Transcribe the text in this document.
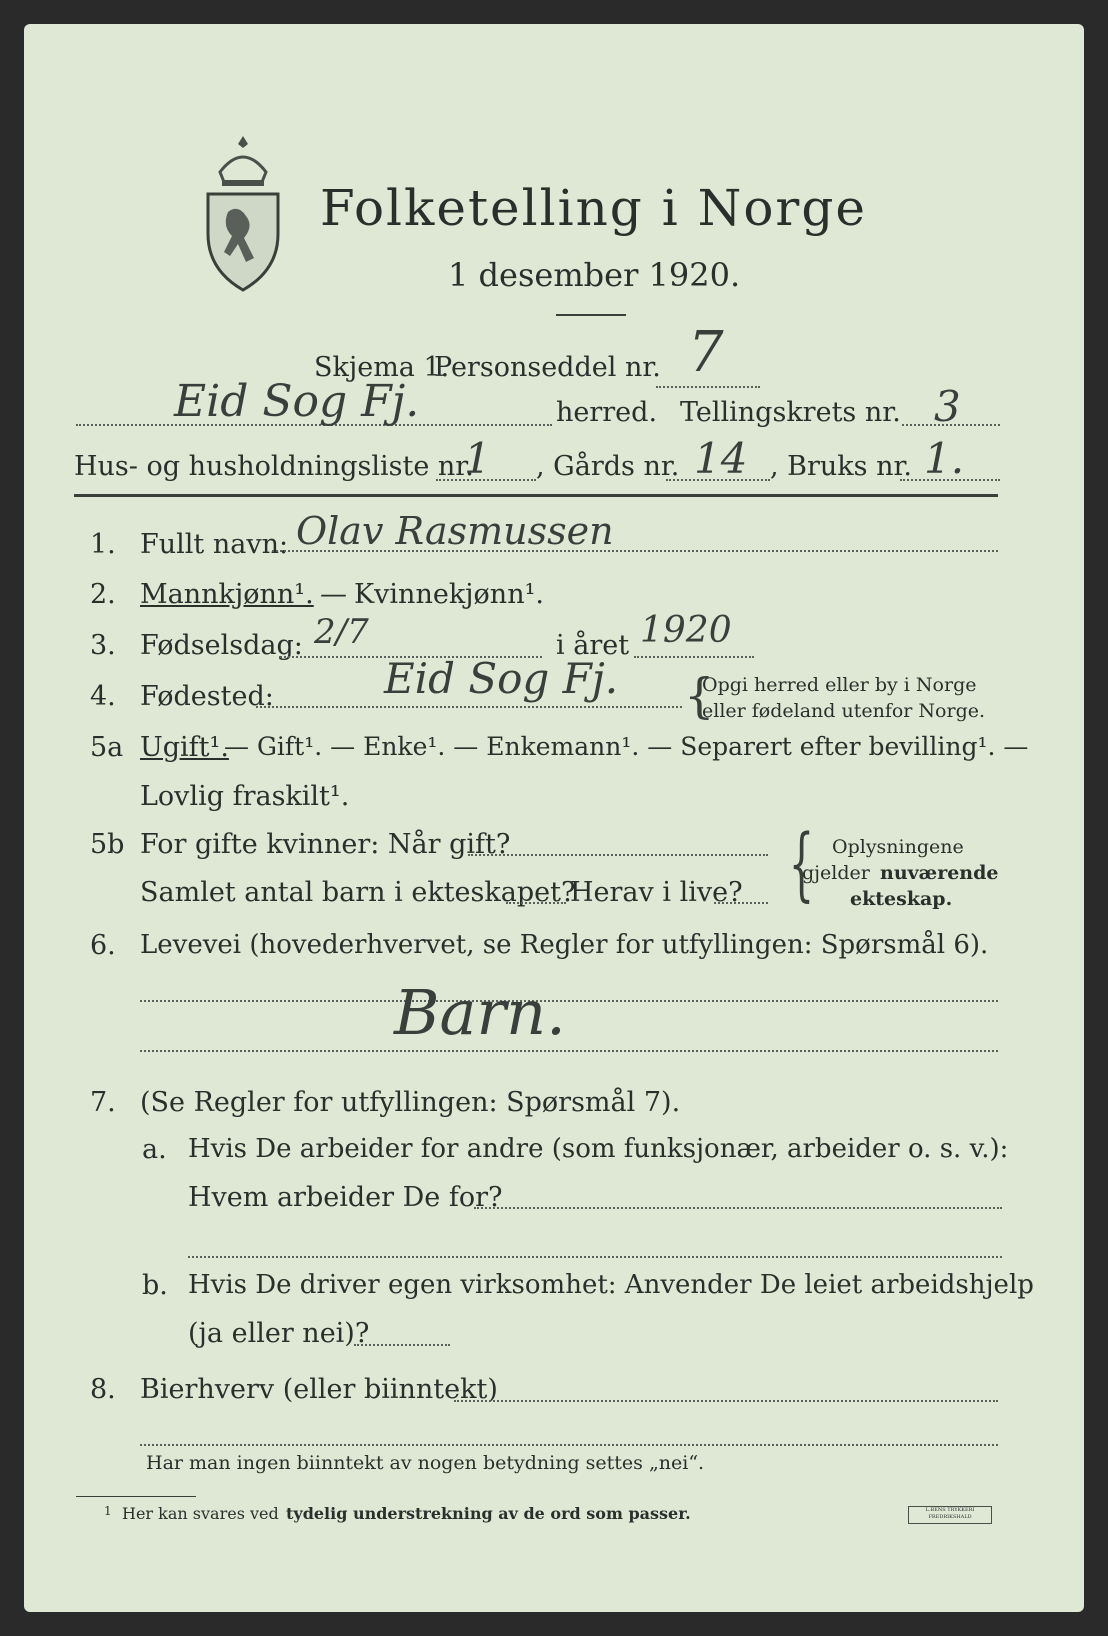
Folketelling i Norge
1 desember 1920.
Skjema 1.
Personseddel nr. 7
Eid Sog Fj.	herred. Tellingskrets nr. 3
Hus- og husholdningsliste nr.
1 , Gårds nr. 14 , Bruks nr. 1.
1. Fullt navn: Olav Rasmussen
2. Mannkjønn¹. — Kvinnekjønn¹.
3. Fødselsdag: 2/7	i året 1920
4. Fødested:	Eid Sog Fj. {
Opgi herred eller by i Norge
eller fødeland utenfor Norge.
5a Ugift¹.
— Gift¹. — Enke¹. — Enkemann¹. — Separert efter bevilling¹. —
Lovlig fraskilt¹.
5b For gifte kvinner: Når gift?
Samlet antal barn i ekteskapet?
Herav i live? { Oplysningene
gjelder nuværende
ekteskap.
6. Levevei (hovederhvervet, se Regler for utfyllingen: Spørsmål 6).
Barn.
7. (Se Regler for utfyllingen: Spørsmål 7).
a. Hvis De arbeider for andre (som funksjonær, arbeider o. s. v.):
Hvem arbeider De for?
b. Hvis De driver egen virksomhet: Anvender De leiet arbeidshjelp
(ja eller nei)?
8. Bierhverv (eller biinntekt)
Har man ingen biinntekt av nogen betydning settes „nei“.
1 Her kan svares ved tydelig understrekning av de ord som passer.	L.BENS TRYKKERI FREDRIKSHALD
